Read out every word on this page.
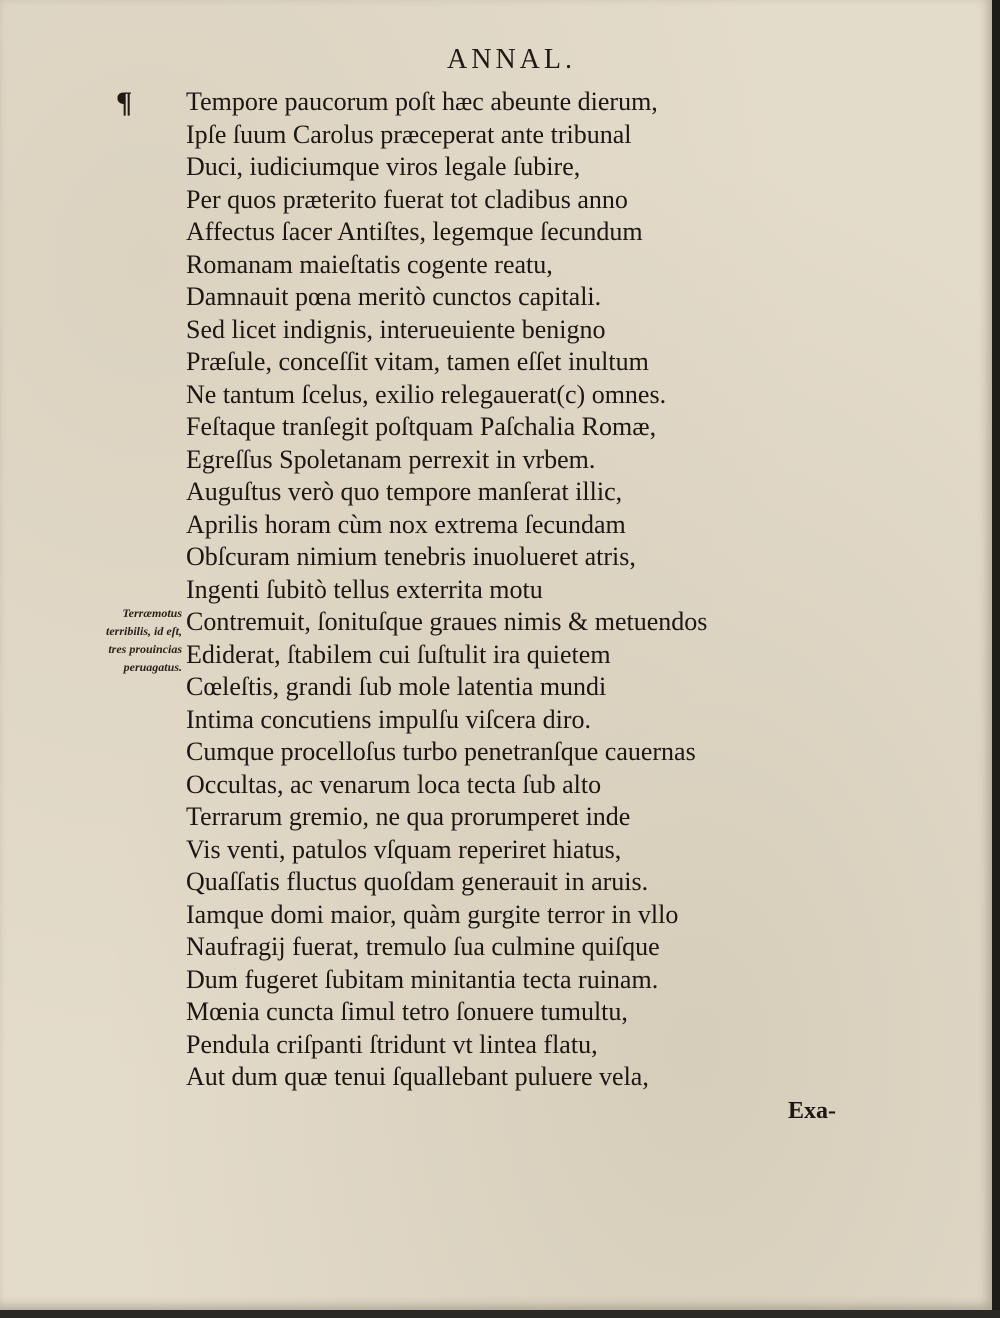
ANNAL.
¶ Tempore paucorum poſt hæc abeunte dierum,
Ipſe ſuum Carolus præceperat ante tribunal
Duci, iudiciumque viros legale ſubire,
Per quos præterito fuerat tot cladibus anno
Affectus ſacer Antiſtes, legemque ſecundum
Romanam maieſtatis cogente reatu,
Damnauit pœna meritò cunctos capitali.
Sed licet indignis, interueuiente benigno
Præſule, conceſſit vitam, tamen eſſet inultum
Ne tantum ſcelus, exilio relegauerat(c) omnes.
Feſtaque tranſegit poſtquam Paſchalia Romæ,
Egreſſus Spoletanam perrexit in vrbem.
Auguſtus verò quo tempore manſerat illic,
Aprilis horam cùm nox extrema ſecundam
Obſcuram nimium tenebris inuolueret atris,
Ingenti ſubitò tellus exterrita motu
Contremuit, ſonituſque graues nimis & metuendos
Ediderat, ſtabilem cui ſuſtulit ira quietem
Cœleſtis, grandi ſub mole latentia mundi
Intima concutiens impulſu viſcera diro.
Cumque procelloſus turbo penetranſque cauernas
Occultas, ac venarum loca tecta ſub alto
Terrarum gremio, ne qua prorumperet inde
Vis venti, patulos vſquam reperiret hiatus,
Quaſſatis fluctus quoſdam generauit in aruis.
Iamque domi maior, quàm gurgite terror in vllo
Naufragij fuerat, tremulo ſua culmine quiſque
Dum fugeret ſubitam minitantia tecta ruinam.
Mœnia cuncta ſimul tetro ſonuere tumultu,
Pendula criſpanti ſtridunt vt lintea flatu,
Aut dum quæ tenui ſquallebant puluere vela,
Terræmotus
terribilis, id eſt,
tres prouincias
peruagatus.
Exa-
